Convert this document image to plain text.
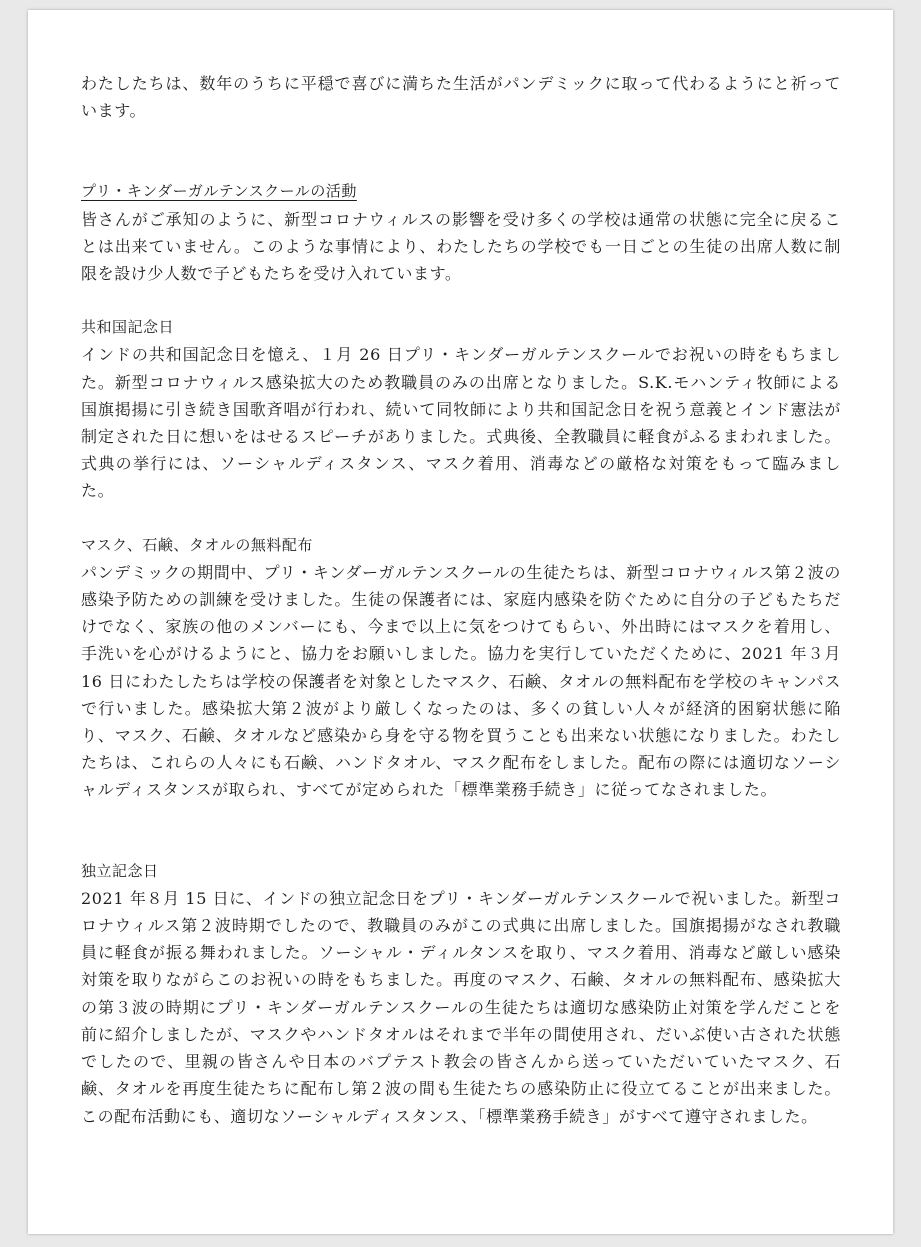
わたしたちは、数年のうちに平穏で喜びに満ちた生活がパンデミックに取って代わるようにと祈っています。

プリ・キンダーガルテンスクールの活動

皆さんがご承知のように、新型コロナウィルスの影響を受け多くの学校は通常の状態に完全に戻ることは出来ていません。このような事情により、わたしたちの学校でも一日ごとの生徒の出席人数に制限を設け少人数で子どもたちを受け入れています。

共和国記念日

インドの共和国記念日を憶え、１月 26 日プリ・キンダーガルテンスクールでお祝いの時をもちました。新型コロナウィルス感染拡大のため教職員のみの出席となりました。S.K.モハンティ牧師による国旗掲揚に引き続き国歌斉唱が行われ、続いて同牧師により共和国記念日を祝う意義とインド憲法が制定された日に想いをはせるスピーチがありました。式典後、全教職員に軽食がふるまわれました。式典の挙行には、ソーシャルディスタンス、マスク着用、消毒などの厳格な対策をもって臨みました。

マスク、石鹸、タオルの無料配布

パンデミックの期間中、プリ・キンダーガルテンスクールの生徒たちは、新型コロナウィルス第２波の感染予防ための訓練を受けました。生徒の保護者には、家庭内感染を防ぐために自分の子どもたちだけでなく、家族の他のメンバーにも、今まで以上に気をつけてもらい、外出時にはマスクを着用し、手洗いを心がけるようにと、協力をお願いしました。協力を実行していただくために、2021 年３月 16 日にわたしたちは学校の保護者を対象としたマスク、石鹸、タオルの無料配布を学校のキャンパスで行いました。感染拡大第２波がより厳しくなったのは、多くの貧しい人々が経済的困窮状態に陥り、マスク、石鹸、タオルなど感染から身を守る物を買うことも出来ない状態になりました。わたしたちは、これらの人々にも石鹸、ハンドタオル、マスク配布をしました。配布の際には適切なソーシャルディスタンスが取られ、すべてが定められた「標準業務手続き」に従ってなされました。

独立記念日

2021 年８月 15 日に、インドの独立記念日をプリ・キンダーガルテンスクールで祝いました。新型コロナウィルス第２波時期でしたので、教職員のみがこの式典に出席しました。国旗掲揚がなされ教職員に軽食が振る舞われました。ソーシャル・ディルタンスを取り、マスク着用、消毒など厳しい感染対策を取りながらこのお祝いの時をもちました。再度のマスク、石鹸、タオルの無料配布、感染拡大の第３波の時期にプリ・キンダーガルテンスクールの生徒たちは適切な感染防止対策を学んだことを前に紹介しましたが、マスクやハンドタオルはそれまで半年の間使用され、だいぶ使い古された状態でしたので、里親の皆さんや日本のバプテスト教会の皆さんから送っていただいていたマスク、石鹸、タオルを再度生徒たちに配布し第２波の間も生徒たちの感染防止に役立てることが出来ました。この配布活動にも、適切なソーシャルディスタンス、「標準業務手続き」がすべて遵守されました。
